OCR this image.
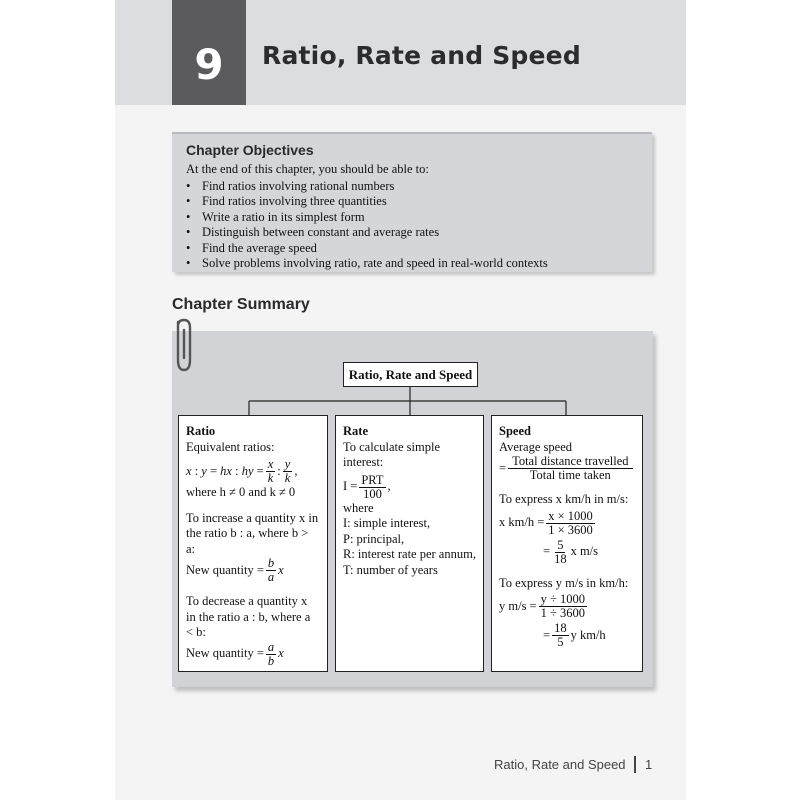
9	Ratio, Rate and Speed
Chapter Objectives

At the end of this chapter, you should be able to:

• Find ratios involving rational numbers
• Find ratios involving three quantities
• Write a ratio in its simplest form
• Distinguish between constant and average rates
• Find the average speed
• Solve problems involving ratio, rate and speed in real-world contexts
Chapter Summary
Ratio, Rate and Speed

Ratio

Equivalent ratios:

x : y = hx : hy = $\frac{x}{k}$ : $\frac{y}{k}$ ,

where h ≠ 0 and k ≠ 0

To increase a quantity x in the ratio b : a, where b > a:

New quantity = $\frac{b}{a}$ x

To decrease a quantity x in the ratio a : b, where a < b:

New quantity = $\frac{a}{b}$ x

Rate

To calculate simple interest:

$I = \frac{\text{PRT}}{100}$ ,

where

I: simple interest,

P: principal,

R: interest rate per annum,

T: number of years

Speed

Average speed

= $\frac{\text{Total distance travelled}}{\text{Total time taken}}$

To express x km/h in m/s:

x $km/h = \frac{x \times 1000}{1 \times 3600}$
= $\frac{5}{18}$ x m/s

To express y m/s in km/h:

y $m/s = \frac{y \div 1000}{1 \div 3600}$
= $\frac{18}{5}$ y km/h
Ratio, Rate and Speed 1
